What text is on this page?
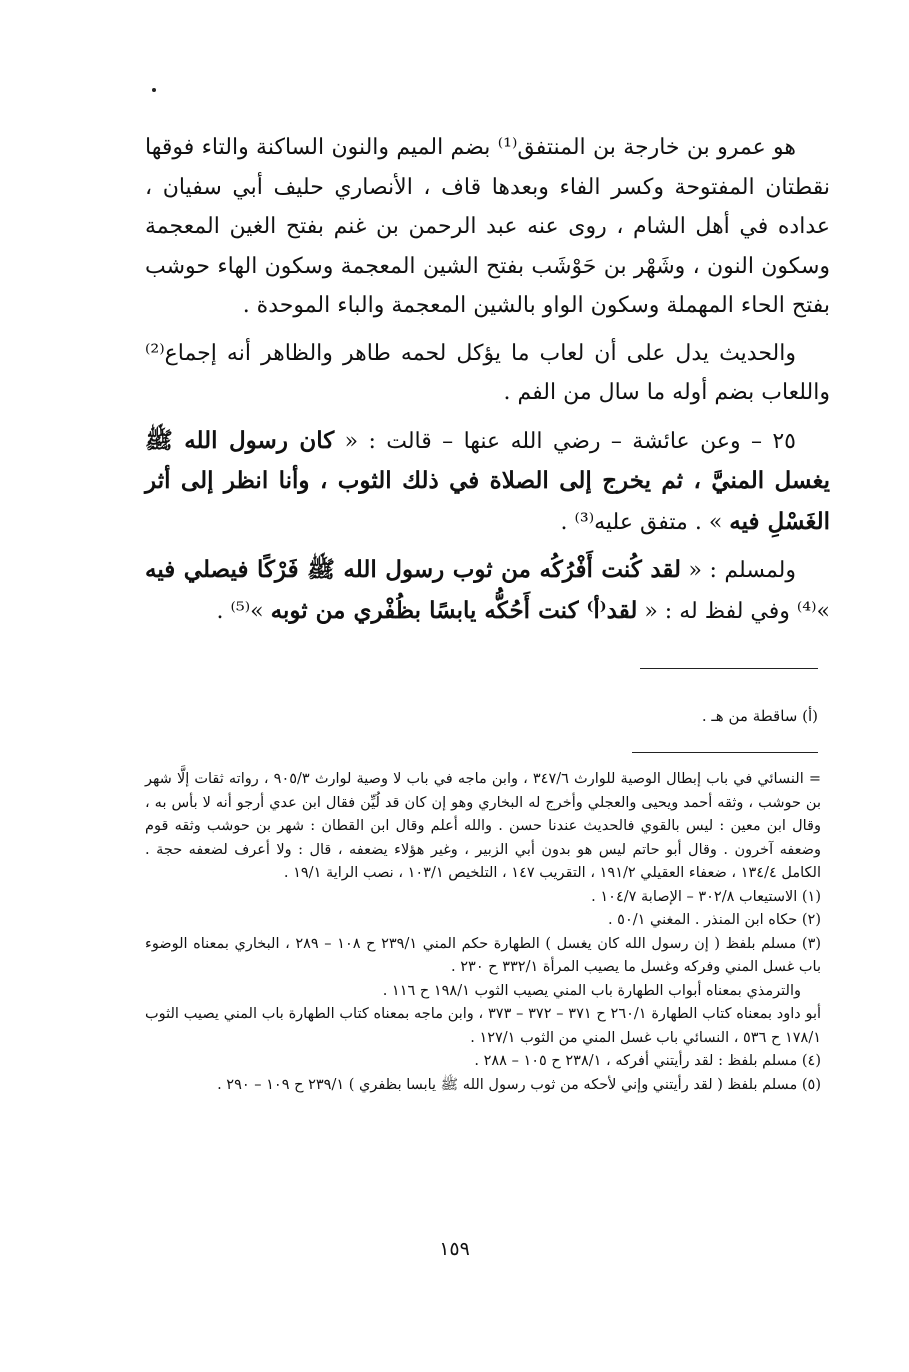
هو عمرو بن خارجة بن المنتفق⁽¹⁾ بضم الميم والنون الساكنة والتاء فوقها نقطتان المفتوحة وكسر الفاء وبعدها قاف ، الأنصاري حليف أبي سفيان ، عداده في أهل الشام ، روى عنه عبد الرحمن بن غنم بفتح الغين المعجمة وسكون النون ، وشَهْر بن حَوْشَب بفتح الشين المعجمة وسكون الهاء حوشب بفتح الحاء المهملة وسكون الواو بالشين المعجمة والباء الموحدة .

والحديث يدل على أن لعاب ما يؤكل لحمه طاهر والظاهر أنه إجماع⁽²⁾ واللعاب بضم أوله ما سال من الفم .

٢٥ – وعن عائشة – رضي الله عنها – قالت : « كان رسول الله ﷺ يغسل المنيَّ ، ثم يخرج إلى الصلاة في ذلك الثوب ، وأنا انظر إلى أثر الغَسْلِ فيه » . متفق عليه⁽³⁾ .

ولمسلم : « لقد كُنت أَفْرُكُه من ثوب رسول الله ﷺ فَرْكًا فيصلي فيه »⁽⁴⁾ وفي لفظ له : « لقد⁽أ⁾ كنت أَحُكُّه يابسًا بظُفْري من ثوبه »⁽⁵⁾ .

(أ) ساقطة من هـ .
= النسائي في باب إبطال الوصية للوارث ٣٤٧/٦ ، وابن ماجه في باب لا وصية لوارث ٩٠٥/٣ ، رواته ثقات إلَّا شهر بن حوشب ، وثقه أحمد ويحيى والعجلي وأخرج له البخاري وهو إن كان قد لُيِّن فقال ابن عدي أرجو أنه لا بأس به ، وقال ابن معين : ليس بالقوي فالحديث عندنا حسن . والله أعلم وقال ابن القطان : شهر بن حوشب وثقه قوم وضعفه آخرون . وقال أبو حاتم ليس هو بدون أبي الزبير ، وغير هؤلاء يضعفه ، قال : ولا أعرف لضعفه حجة . الكامل ١٣٤/٤ ، ضعفاء العقيلي ١٩١/٢ ، التقريب ١٤٧ ، التلخيص ١٠٣/١ ، نصب الراية ١٩/١ .
(١) الاستيعاب ٣٠٢/٨ – الإصابة ١٠٤/٧ .
(٢) حكاه ابن المنذر . المغني ٥٠/١ .
(٣) مسلم بلفظ ( إن رسول الله كان يغسل ) الطهارة حكم المني ٢٣٩/١ ح ١٠٨ – ٢٨٩ ، البخاري بمعناه الوضوء باب غسل المني وفركه وغسل ما يصيب المرأة ٣٣٢/١ ح ٢٣٠ .
والترمذي بمعناه أبواب الطهارة باب المني يصيب الثوب ١٩٨/١ ح ١١٦ .
أبو داود بمعناه كتاب الطهارة ٢٦٠/١ ح ٣٧١ – ٣٧٢ – ٣٧٣ ، وابن ماجه بمعناه كتاب الطهارة باب المني يصيب الثوب ١٧٨/١ ح ٥٣٦ ، النسائي باب غسل المني من الثوب ١٢٧/١ .
(٤) مسلم بلفظ : لقد رأيتني أفركه ، ٢٣٨/١ ح ١٠٥ – ٢٨٨ .
(٥) مسلم بلفظ ( لقد رأيتني وإني لأحكه من ثوب رسول الله ﷺ يابسا بظفري ) ٢٣٩/١ ح ١٠٩ – ٢٩٠ .
١٥٩
